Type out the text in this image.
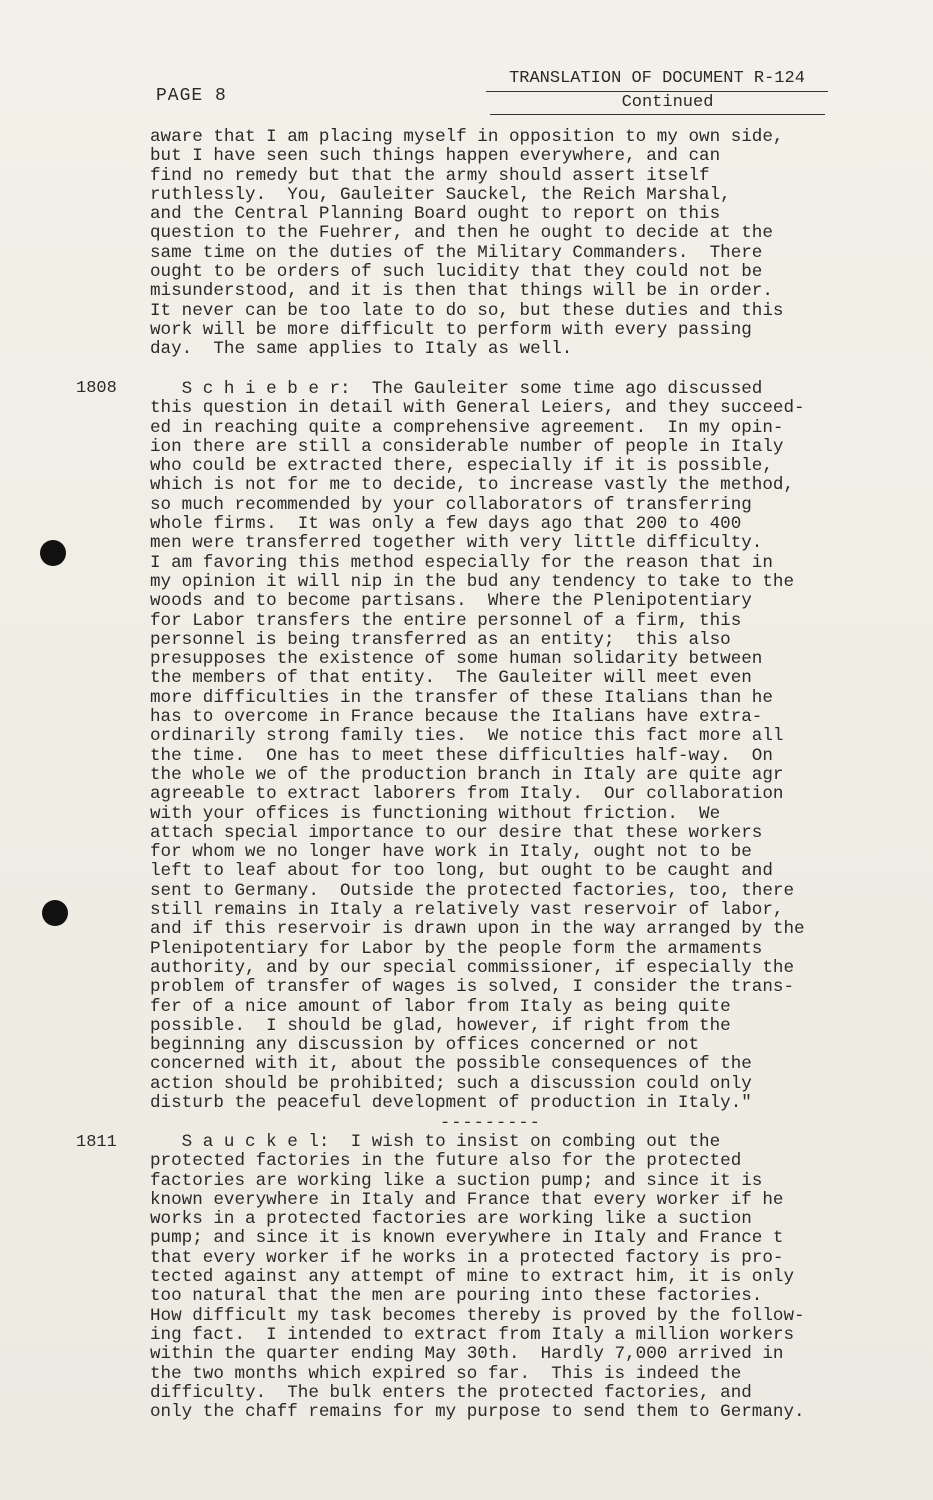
PAGE 8
TRANSLATION OF DOCUMENT R-124
Continued
aware that I am placing myself in opposition to my own side,
but I have seen such things happen everywhere, and can
find no remedy but that the army should assert itself
ruthlessly.  You, Gauleiter Sauckel, the Reich Marshal,
and the Central Planning Board ought to report on this
question to the Fuehrer, and then he ought to decide at the
same time on the duties of the Military Commanders.  There
ought to be orders of such lucidity that they could not be
misunderstood, and it is then that things will be in order.
It never can be too late to do so, but these duties and this
work will be more difficult to perform with every passing
day.  The same applies to Italy as well.
1808 S c h i e b e r:  The Gauleiter some time ago discussed
this question in detail with General Leiers, and they succeed-
ed in reaching quite a comprehensive agreement.  In my opin-
ion there are still a considerable number of people in Italy
who could be extracted there, especially if it is possible,
which is not for me to decide, to increase vastly the method,
so much recommended by your collaborators of transferring
whole firms.  It was only a few days ago that 200 to 400
men were transferred together with very little difficulty.
I am favoring this method especially for the reason that in
my opinion it will nip in the bud any tendency to take to the
woods and to become partisans.  Where the Plenipotentiary
for Labor transfers the entire personnel of a firm, this
personnel is being transferred as an entity;  this also
presupposes the existence of some human solidarity between
the members of that entity.  The Gauleiter will meet even
more difficulties in the transfer of these Italians than he
has to overcome in France because the Italians have extra-
ordinarily strong family ties.  We notice this fact more all
the time.  One has to meet these difficulties half-way.  On
the whole we of the production branch in Italy are quite agr
agreeable to extract laborers from Italy.  Our collaboration
with your offices is functioning without friction.  We
attach special importance to our desire that these workers
for whom we no longer have work in Italy, ought not to be
left to leaf about for too long, but ought to be caught and
sent to Germany.  Outside the protected factories, too, there
still remains in Italy a relatively vast reservoir of labor,
and if this reservoir is drawn upon in the way arranged by the
Plenipotentiary for Labor by the people form the armaments
authority, and by our special commissioner, if especially the
problem of transfer of wages is solved, I consider the trans-
fer of a nice amount of labor from Italy as being quite
possible.  I should be glad, however, if right from the
beginning any discussion by offices concerned or not
concerned with it, about the possible consequences of the
action should be prohibited; such a discussion could only
disturb the peaceful development of production in Italy."
---------
1811 S a u c k e l:  I wish to insist on combing out the
protected factories in the future also for the protected
factories are working like a suction pump; and since it is
known everywhere in Italy and France that every worker if he
works in a protected factories are working like a suction
pump; and since it is known everywhere in Italy and France t
that every worker if he works in a protected factory is pro-
tected against any attempt of mine to extract him, it is only
too natural that the men are pouring into these factories.
How difficult my task becomes thereby is proved by the follow-
ing fact.  I intended to extract from Italy a million workers
within the quarter ending May 30th.  Hardly 7,000 arrived in
the two months which expired so far.  This is indeed the
difficulty.  The bulk enters the protected factories, and
only the chaff remains for my purpose to send them to Germany.
